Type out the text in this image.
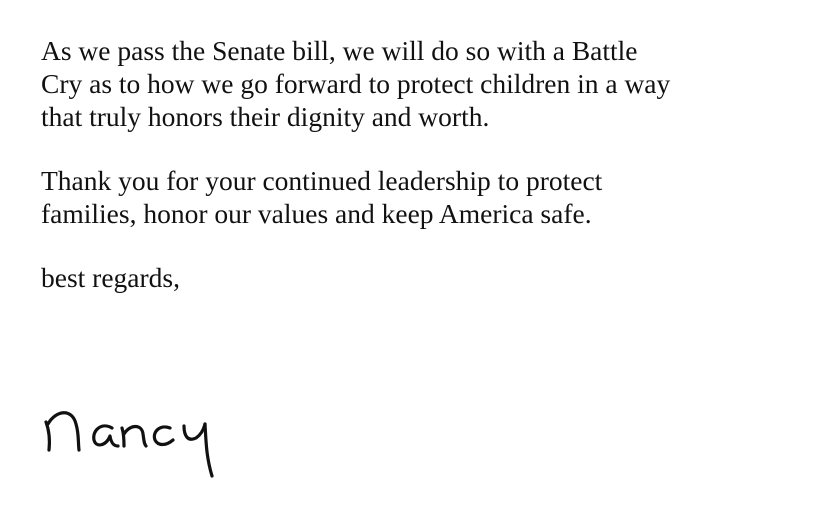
As we pass the Senate bill, we will do so with a Battle
Cry as to how we go forward to protect children in a way
that truly honors their dignity and worth.

Thank you for your continued leadership to protect
families, honor our values and keep America safe.

best regards,
